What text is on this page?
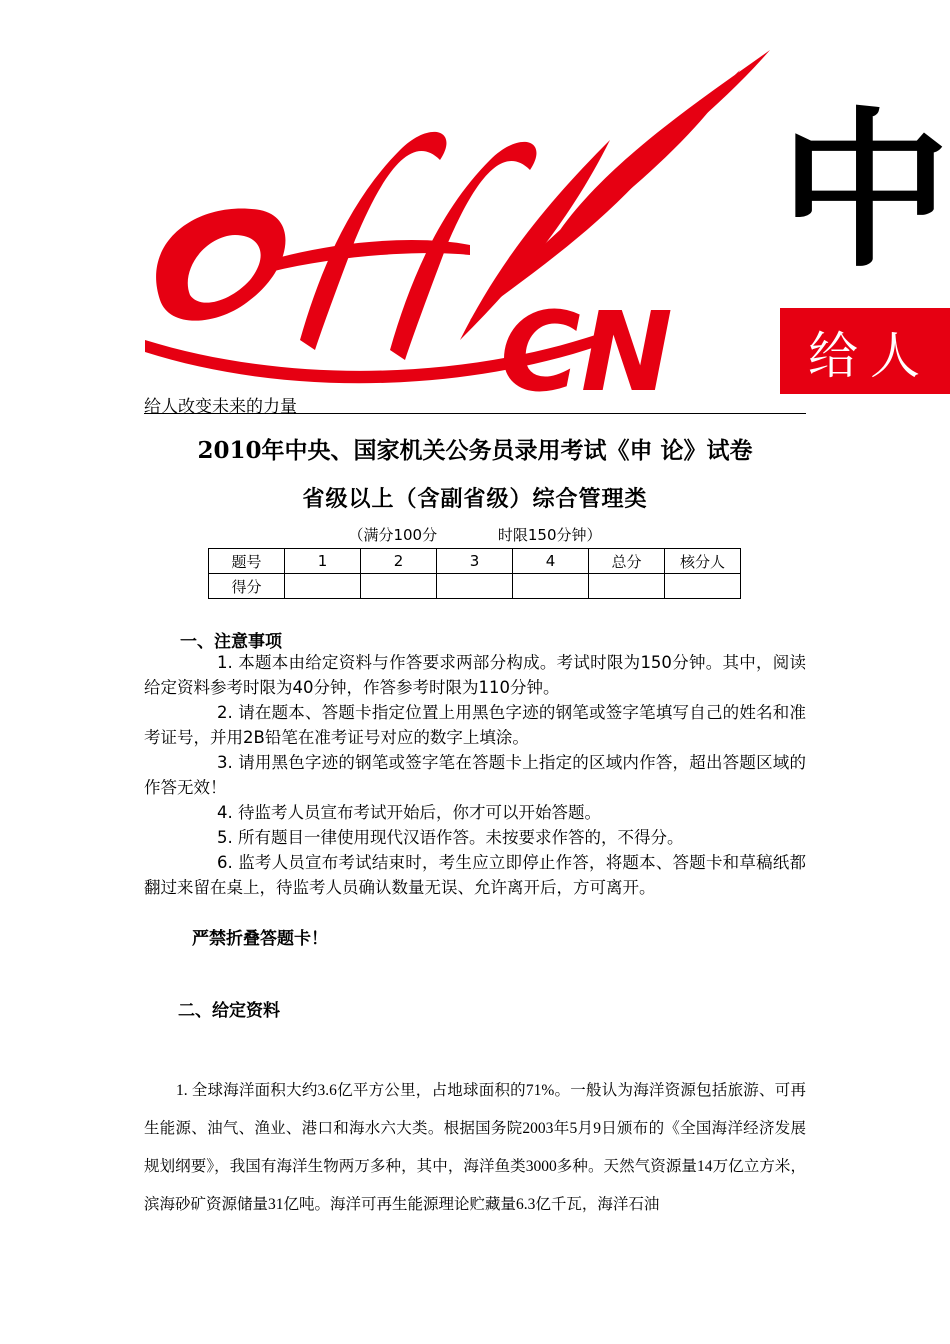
CN
中
给人
给人改变未来的力量
2010年中央、国家机关公务员录用考试《申 论》试卷
省级以上（含副省级）综合管理类
（满分100分	时限150分钟）
题号	1	2	3	4	总分	核分人
得分						
一、注意事项

1. 本题本由给定资料与作答要求两部分构成。考试时限为150分钟。其中，阅读给定资料参考时限为40分钟，作答参考时限为110分钟。

2. 请在题本、答题卡指定位置上用黑色字迹的钢笔或签字笔填写自己的姓名和准考证号，并用2B铅笔在准考证号对应的数字上填涂。

3. 请用黑色字迹的钢笔或签字笔在答题卡上指定的区域内作答，超出答题区域的作答无效！

4. 待监考人员宣布考试开始后，你才可以开始答题。

5. 所有题目一律使用现代汉语作答。未按要求作答的，不得分。

6. 监考人员宣布考试结束时，考生应立即停止作答，将题本、答题卡和草稿纸都翻过来留在桌上，待监考人员确认数量无误、允许离开后，方可离开。

严禁折叠答题卡！
二、给定资料
1. 全球海洋面积大约3.6亿平方公里，占地球面积的71%。一般认为海洋资源包括旅游、可再生能源、油气、渔业、港口和海水六大类。根据国务院2003年5月9日颁布的《全国海洋经济发展规划纲要》，我国有海洋生物两万多种，其中，海洋鱼类3000多种。天然气资源量14万亿立方米，滨海砂矿资源储量31亿吨。海洋可再生能源理论贮藏量6.3亿千瓦，海洋石油
